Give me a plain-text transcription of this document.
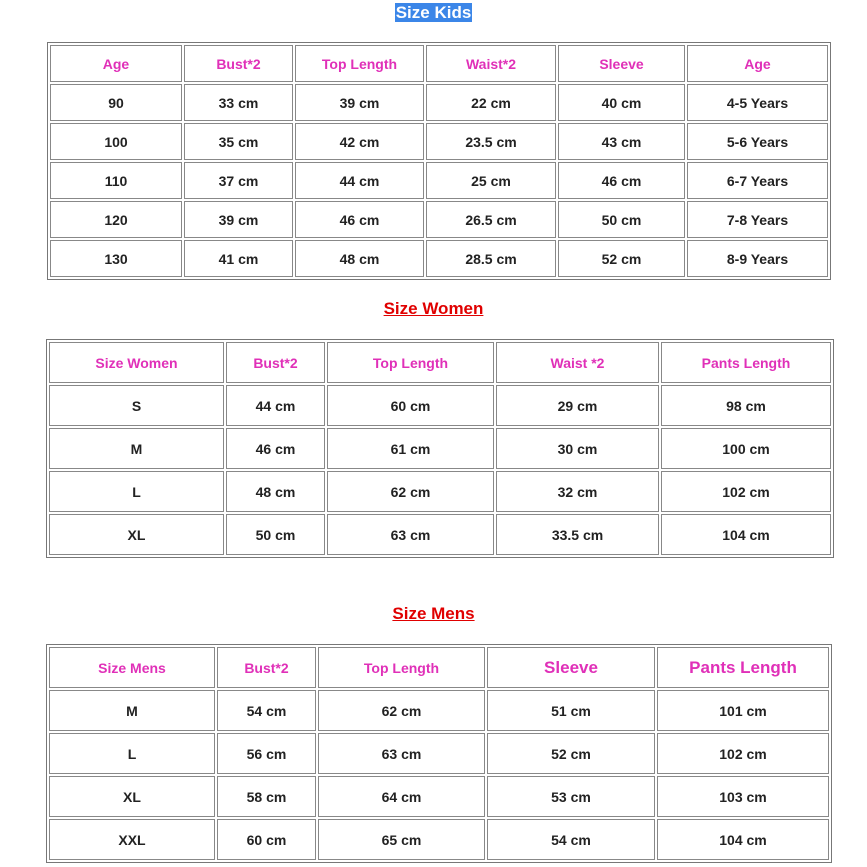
Size Kids
Age	Bust*2	Top Length	Waist*2	Sleeve	Age
90	33 cm	39 cm	22 cm	40 cm	4-5 Years
100	35 cm	42 cm	23.5 cm	43 cm	5-6 Years
110	37 cm	44 cm	25 cm	46 cm	6-7 Years
120	39 cm	46 cm	26.5 cm	50 cm	7-8 Years
130	41 cm	48 cm	28.5 cm	52 cm	8-9 Years
Size Women
Size Women	Bust*2	Top Length	Waist *2	Pants Length
S	44 cm	60 cm	29 cm	98 cm
M	46 cm	61 cm	30 cm	100 cm
L	48 cm	62 cm	32 cm	102 cm
XL	50 cm	63 cm	33.5 cm	104 cm
Size Mens
Size Mens	Bust*2	Top Length	Sleeve	Pants Length
M	54 cm	62 cm	51 cm	101 cm
L	56 cm	63 cm	52 cm	102 cm
XL	58 cm	64 cm	53 cm	103 cm
XXL	60 cm	65 cm	54 cm	104 cm
